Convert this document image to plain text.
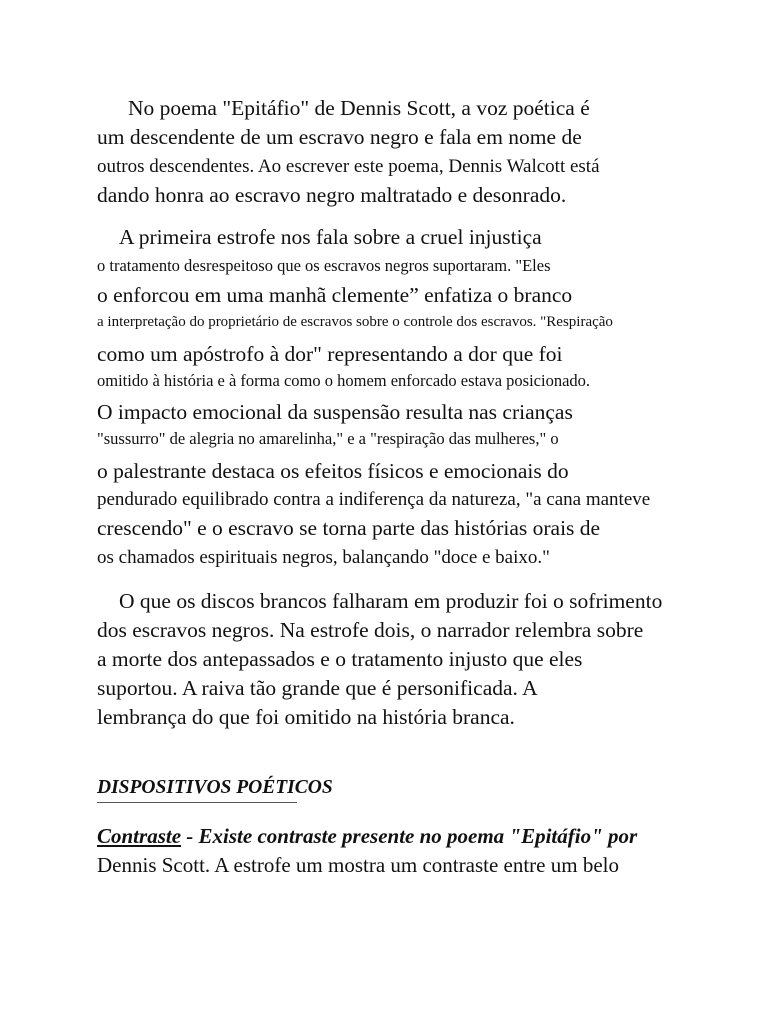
No poema "Epitáfio" de Dennis Scott, a voz poética é
um descendente de um escravo negro e fala em nome de
outros descendentes. Ao escrever este poema, Dennis Walcott está
dando honra ao escravo negro maltratado e desonrado.
A primeira estrofe nos fala sobre a cruel injustiça
o tratamento desrespeitoso que os escravos negros suportaram. "Eles
o enforcou em uma manhã clemente” enfatiza o branco
a interpretação do proprietário de escravos sobre o controle dos escravos. "Respiração
como um apóstrofo à dor" representando a dor que foi
omitido à história e à forma como o homem enforcado estava posicionado.
O impacto emocional da suspensão resulta nas crianças
"sussurro" de alegria no amarelinha," e a "respiração das mulheres," o
o palestrante destaca os efeitos físicos e emocionais do
pendurado equilibrado contra a indiferença da natureza, "a cana manteve
crescendo" e o escravo se torna parte das histórias orais de
os chamados espirituais negros, balançando "doce e baixo."
O que os discos brancos falharam em produzir foi o sofrimento
dos escravos negros. Na estrofe dois, o narrador relembra sobre
a morte dos antepassados e o tratamento injusto que eles
suportou. A raiva tão grande que é personificada. A
lembrança do que foi omitido na história branca.
DISPOSITIVOS POÉTICOS
Contraste - Existe contraste presente no poema "Epitáfio" por
Dennis Scott. A estrofe um mostra um contraste entre um belo
